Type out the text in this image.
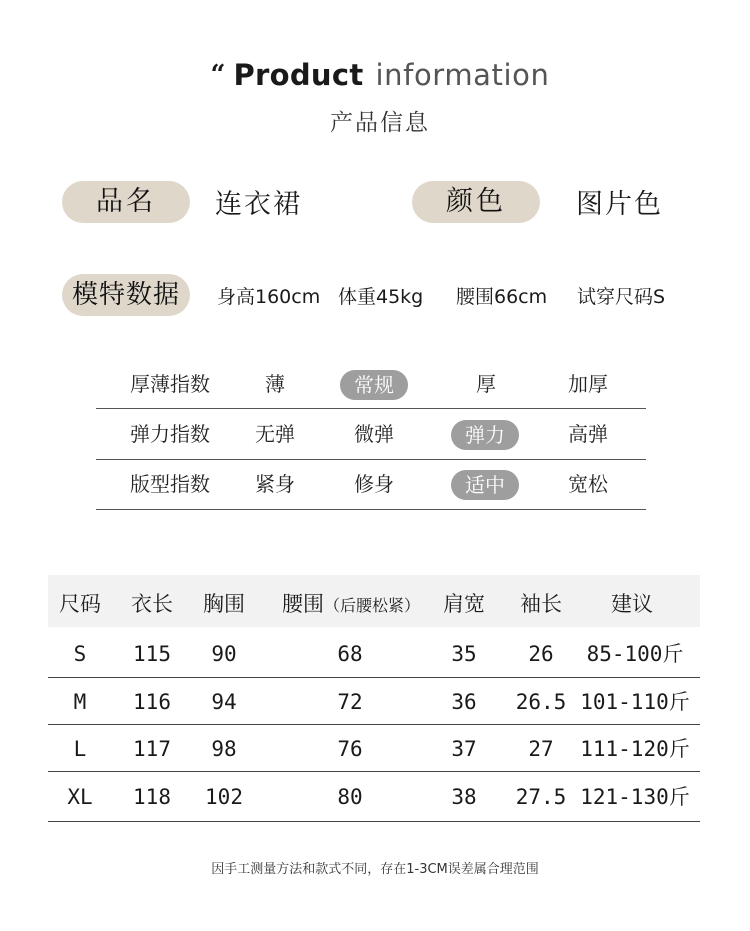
“ Product information
产品信息
品名	连衣裙	颜色	图片色
模特数据	身高160cm 体重45kg 腰围66cm 试穿尺码S
厚薄指数	薄	常规	厚	加厚
弹力指数	无弹	微弹	弹力	高弹
版型指数	紧身	修身	适中	宽松
尺码	衣长	胸围	腰围（后腰松紧）	肩宽	袖长	建议
S	115	90	68	35	26	85-100斤
M	116	94	72	36	26.5 101-110斤
L	117	98	76	37	27	111-120斤
XL	118	102	80	38	27.5 121-130斤
因手工测量方法和款式不同，存在1-3CM误差属合理范围
